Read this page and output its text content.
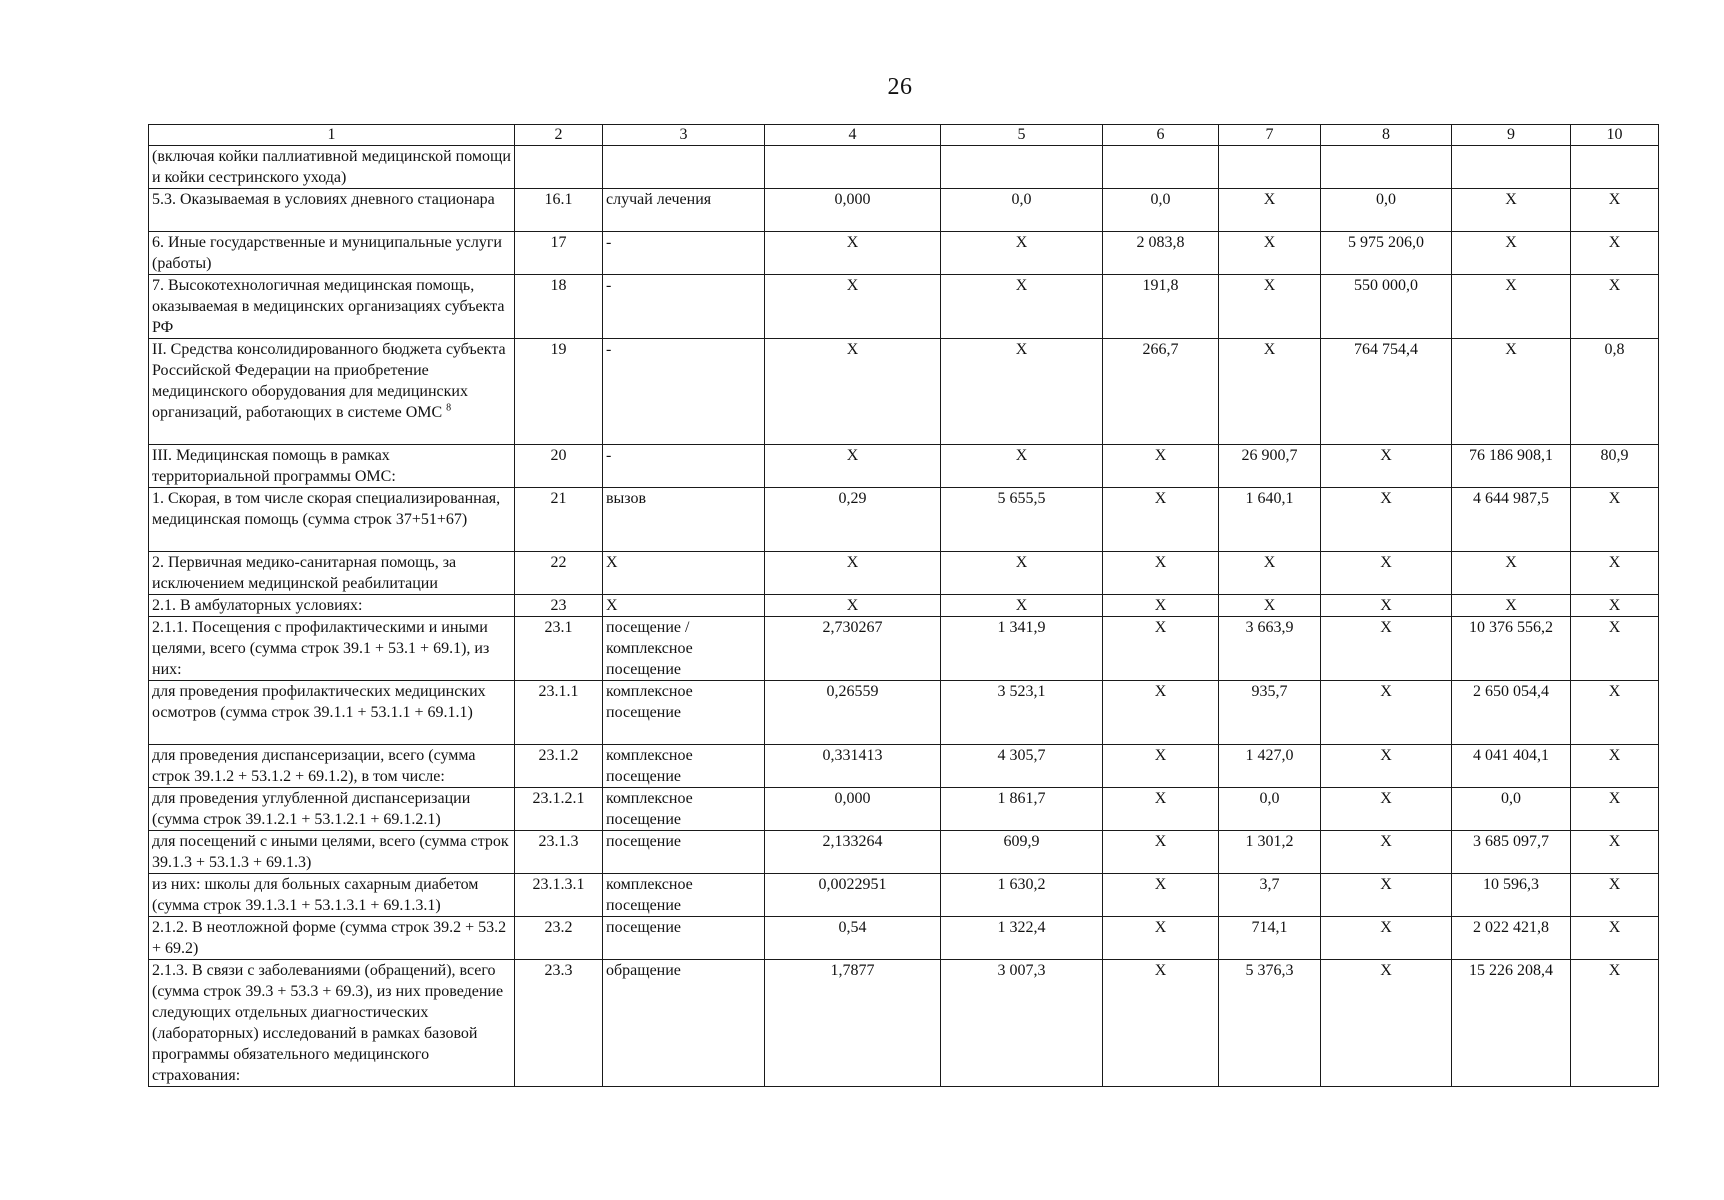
26
1	2	3	4	5	6	7	8	9	10
(включая койки паллиативной медицинской помощи и койки сестринского ухода)									
5.3. Оказываемая в условиях дневного стационара	16.1	случай лечения	0,000	0,0	0,0	Х	0,0	Х	Х
6. Иные государственные и муниципальные услуги (работы)	17	-	Х	Х	2 083,8	Х	5 975 206,0	Х	Х
7. Высокотехнологичная медицинская помощь, оказываемая в медицинских организациях субъекта РФ	18	-	Х	Х	191,8	Х	550 000,0	Х	Х
II. Средства консолидированного бюджета субъекта Российской Федерации на приобретение медицинского оборудования для медицинских организаций, работающих в системе ОМС $^8$	19	-	Х	Х	266,7	Х	764 754,4	Х	0,8
III. Медицинская помощь в рамках территориальной программы ОМС:	20	-	Х	Х	Х	26 900,7	Х	76 186 908,1	80,9
1. Скорая, в том числе скорая специализированная, медицинская помощь (сумма строк 37+51+67)	21	вызов	0,29	5 655,5	Х	1 640,1	Х	4 644 987,5	Х
2. Первичная медико-санитарная помощь, за исключением медицинской реабилитации	22	Х	Х	Х	Х	Х	Х	Х	Х
2.1. В амбулаторных условиях:	23	Х	Х	Х	Х	Х	Х	Х	Х
2.1.1. Посещения с профилактическими и иными целями, всего (сумма строк 39.1 + 53.1 + 69.1), из них:	23.1	посещение / комплексное посещение	2,730267	1 341,9	Х	3 663,9	Х	10 376 556,2	Х
для проведения профилактических медицинских осмотров (сумма строк 39.1.1 + 53.1.1 + 69.1.1)	23.1.1	комплексное посещение	0,26559	3 523,1	Х	935,7	Х	2 650 054,4	Х
для проведения диспансеризации, всего (сумма строк 39.1.2 + 53.1.2 + 69.1.2), в том числе:	23.1.2	комплексное посещение	0,331413	4 305,7	Х	1 427,0	Х	4 041 404,1	Х
для проведения углубленной диспансеризации (сумма строк 39.1.2.1 + 53.1.2.1 + 69.1.2.1)	23.1.2.1	комплексное посещение	0,000	1 861,7	Х	0,0	Х	0,0	Х
для посещений с иными целями, всего (сумма строк 39.1.3 + 53.1.3 + 69.1.3)	23.1.3	посещение	2,133264	609,9	Х	1 301,2	Х	3 685 097,7	Х
из них: школы для больных сахарным диабетом (сумма строк 39.1.3.1 + 53.1.3.1 + 69.1.3.1)	23.1.3.1	комплексное посещение	0,0022951	1 630,2	Х	3,7	Х	10 596,3	Х
2.1.2. В неотложной форме (сумма строк 39.2 + 53.2 + 69.2)	23.2	посещение	0,54	1 322,4	Х	714,1	Х	2 022 421,8	Х
2.1.3. В связи с заболеваниями (обращений), всего (сумма строк 39.3 + 53.3 + 69.3), из них проведение следующих отдельных диагностических (лабораторных) исследований в рамках базовой программы обязательного медицинского страхования:	23.3	обращение	1,7877	3 007,3	Х	5 376,3	Х	15 226 208,4	Х
